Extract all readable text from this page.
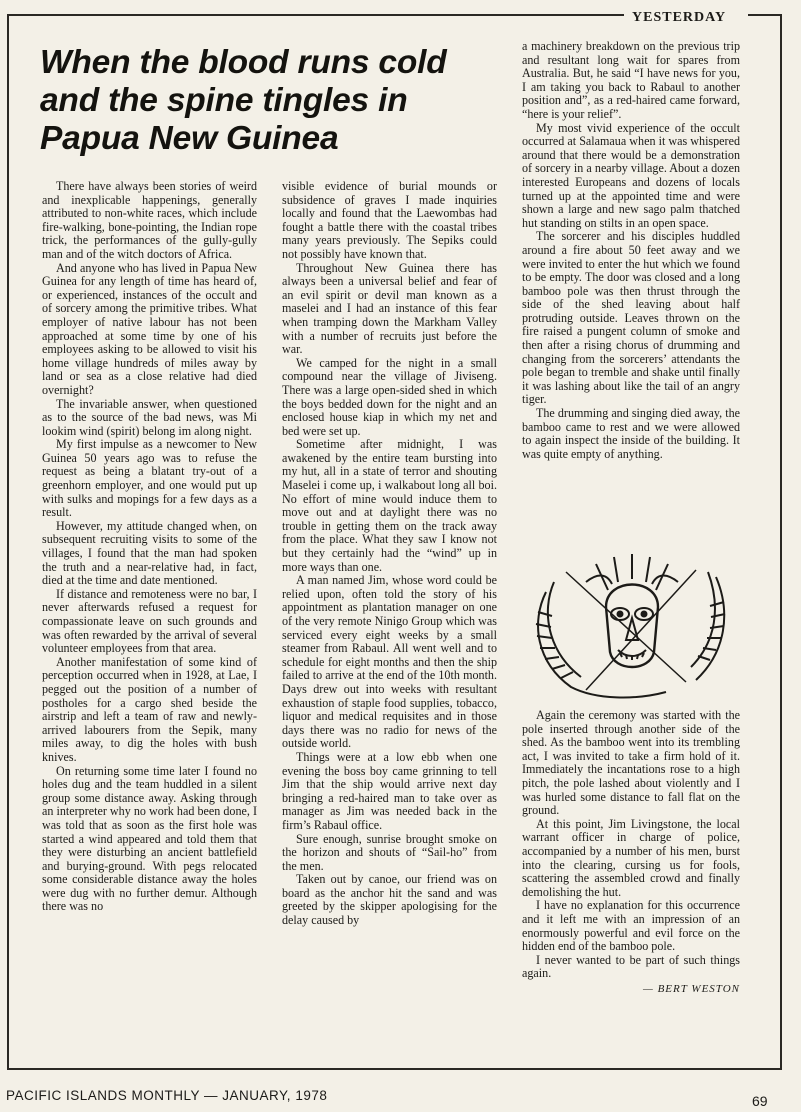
YESTERDAY
When the blood runs cold and the spine tingles in Papua New Guinea

There have always been stories of weird and inexplicable happenings, generally attributed to non-white races, which include fire-walking, bone-pointing, the Indian rope trick, the performances of the gully-gully man and of the witch doctors of Africa.

And anyone who has lived in Papua New Guinea for any length of time has heard of, or experienced, instances of the occult and of sorcery among the primitive tribes. What employer of native labour has not been approached at some time by one of his employees asking to be allowed to visit his home village hundreds of miles away by land or sea as a close relative had died overnight?

The invariable answer, when questioned as to the source of the bad news, was Mi lookim wind (spirit) belong im along night.

My first impulse as a newcomer to New Guinea 50 years ago was to refuse the request as being a blatant try-out of a greenhorn employer, and one would put up with sulks and mopings for a few days as a result.

However, my attitude changed when, on subsequent recruiting visits to some of the villages, I found that the man had spoken the truth and a near-relative had, in fact, died at the time and date mentioned.

If distance and remoteness were no bar, I never afterwards refused a request for compassionate leave on such grounds and was often rewarded by the arrival of several volunteer employees from that area.

Another manifestation of some kind of perception occurred when in 1928, at Lae, I pegged out the position of a number of postholes for a cargo shed beside the airstrip and left a team of raw and newly-arrived labourers from the Sepik, many miles away, to dig the holes with bush knives.

On returning some time later I found no holes dug and the team huddled in a silent group some distance away. Asking through an interpreter why no work had been done, I was told that as soon as the first hole was started a wind appeared and told them that they were disturbing an ancient battlefield and burying-ground. With pegs relocated some considerable distance away the holes were dug with no further demur. Although there was no

visible evidence of burial mounds or subsidence of graves I made inquiries locally and found that the Laewombas had fought a battle there with the coastal tribes many years previously. The Sepiks could not possibly have known that.

Throughout New Guinea there has always been a universal belief and fear of an evil spirit or devil man known as a maselei and I had an instance of this fear when tramping down the Markham Valley with a number of recruits just before the war.

We camped for the night in a small compound near the village of Jiviseng. There was a large open-sided shed in which the boys bedded down for the night and an enclosed house kiap in which my net and bed were set up.

Sometime after midnight, I was awakened by the entire team bursting into my hut, all in a state of terror and shouting Maselei i come up, i walkabout long all boi. No effort of mine would induce them to move out and at daylight there was no trouble in getting them on the track away from the place. What they saw I know not but they certainly had the “wind” up in more ways than one.

A man named Jim, whose word could be relied upon, often told the story of his appointment as plantation manager on one of the very remote Ninigo Group which was serviced every eight weeks by a small steamer from Rabaul. All went well and to schedule for eight months and then the ship failed to arrive at the end of the 10th month. Days drew out into weeks with resultant exhaustion of staple food supplies, tobacco, liquor and medical requisites and in those days there was no radio for news of the outside world.

Things were at a low ebb when one evening the boss boy came grinning to tell Jim that the ship would arrive next day bringing a red-haired man to take over as manager as Jim was needed back in the firm’s Rabaul office.

Sure enough, sunrise brought smoke on the horizon and shouts of “Sail-ho” from the men.

Taken out by canoe, our friend was on board as the anchor hit the sand and was greeted by the skipper apologising for the delay caused by

a machinery breakdown on the previous trip and resultant long wait for spares from Australia. But, he said “I have news for you, I am taking you back to Rabaul to another position and”, as a red-haired came forward, “here is your relief”.

My most vivid experience of the occult occurred at Salamaua when it was whispered around that there would be a demonstration of sorcery in a nearby village. About a dozen interested Europeans and dozens of locals turned up at the appointed time and were shown a large and new sago palm thatched hut standing on stilts in an open space.

The sorcerer and his disciples huddled around a fire about 50 feet away and we were invited to enter the hut which we found to be empty. The door was closed and a long bamboo pole was then thrust through the side of the shed leaving about half protruding outside. Leaves thrown on the fire raised a pungent column of smoke and then after a rising chorus of drumming and changing from the sorcerers’ attendants the pole began to tremble and shake until finally it was lashing about like the tail of an angry tiger.

The drumming and singing died away, the bamboo came to rest and we were allowed to again inspect the inside of the building. It was quite empty of anything.

Again the ceremony was started with the pole inserted through another side of the shed. As the bamboo went into its trembling act, I was invited to take a firm hold of it. Immediately the incantations rose to a high pitch, the pole lashed about violently and I was hurled some distance to fall flat on the ground.

At this point, Jim Livingstone, the local warrant officer in charge of police, accompanied by a number of his men, burst into the clearing, cursing us for fools, scattering the assembled crowd and finally demolishing the hut.

I have no explanation for this occurrence and it left me with an impression of an enormously powerful and evil force on the hidden end of the bamboo pole.

I never wanted to be part of such things again.

— BERT WESTON
PACIFIC ISLANDS MONTHLY — JANUARY, 1978	69
